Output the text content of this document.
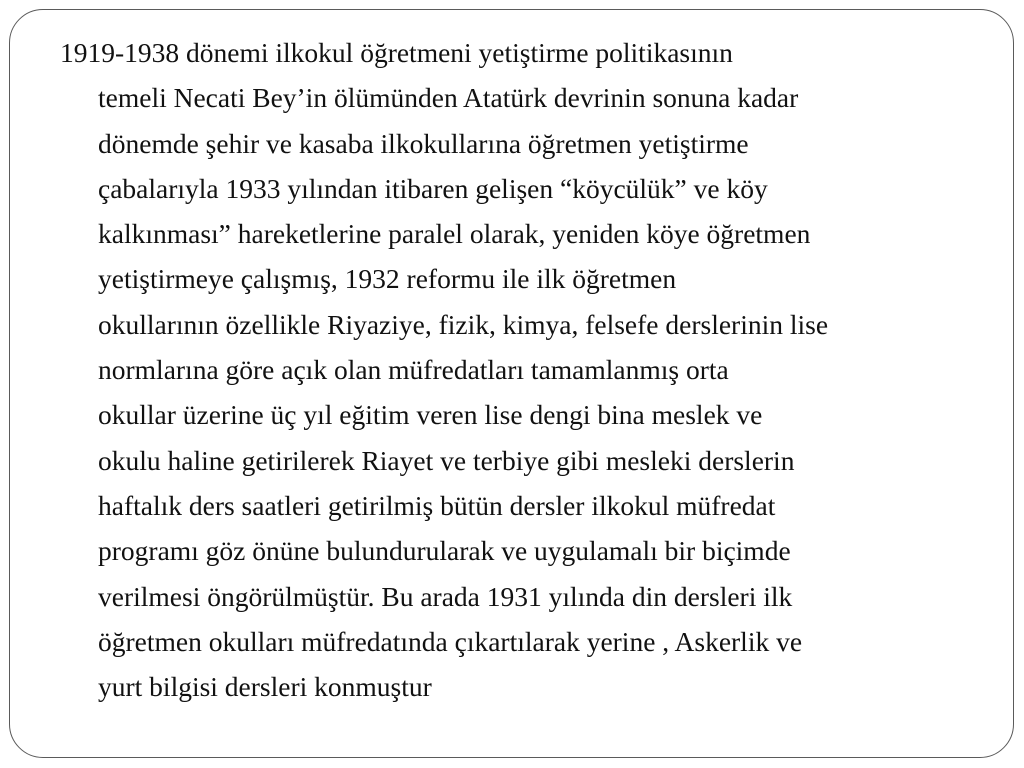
1919-1938 dönemi ilkokul öğretmeni yetiştirme politikasının
temeli Necati Bey’in ölümünden Atatürk devrinin sonuna kadar
dönemde şehir ve kasaba ilkokullarına öğretmen yetiştirme
çabalarıyla 1933 yılından itibaren gelişen “köycülük” ve köy
kalkınması” hareketlerine paralel olarak, yeniden köye öğretmen
yetiştirmeye çalışmış, 1932 reformu ile ilk öğretmen
okullarının özellikle Riyaziye, fizik, kimya, felsefe derslerinin lise
normlarına göre açık olan müfredatları tamamlanmış orta
okullar üzerine üç yıl eğitim veren lise dengi bina meslek ve
okulu haline getirilerek Riayet ve terbiye gibi mesleki derslerin
haftalık ders saatleri getirilmiş bütün dersler ilkokul müfredat
programı göz önüne bulundurularak ve uygulamalı bir biçimde
verilmesi öngörülmüştür. Bu arada 1931 yılında din dersleri ilk
öğretmen okulları müfredatında çıkartılarak yerine , Askerlik ve
yurt bilgisi dersleri konmuştur
